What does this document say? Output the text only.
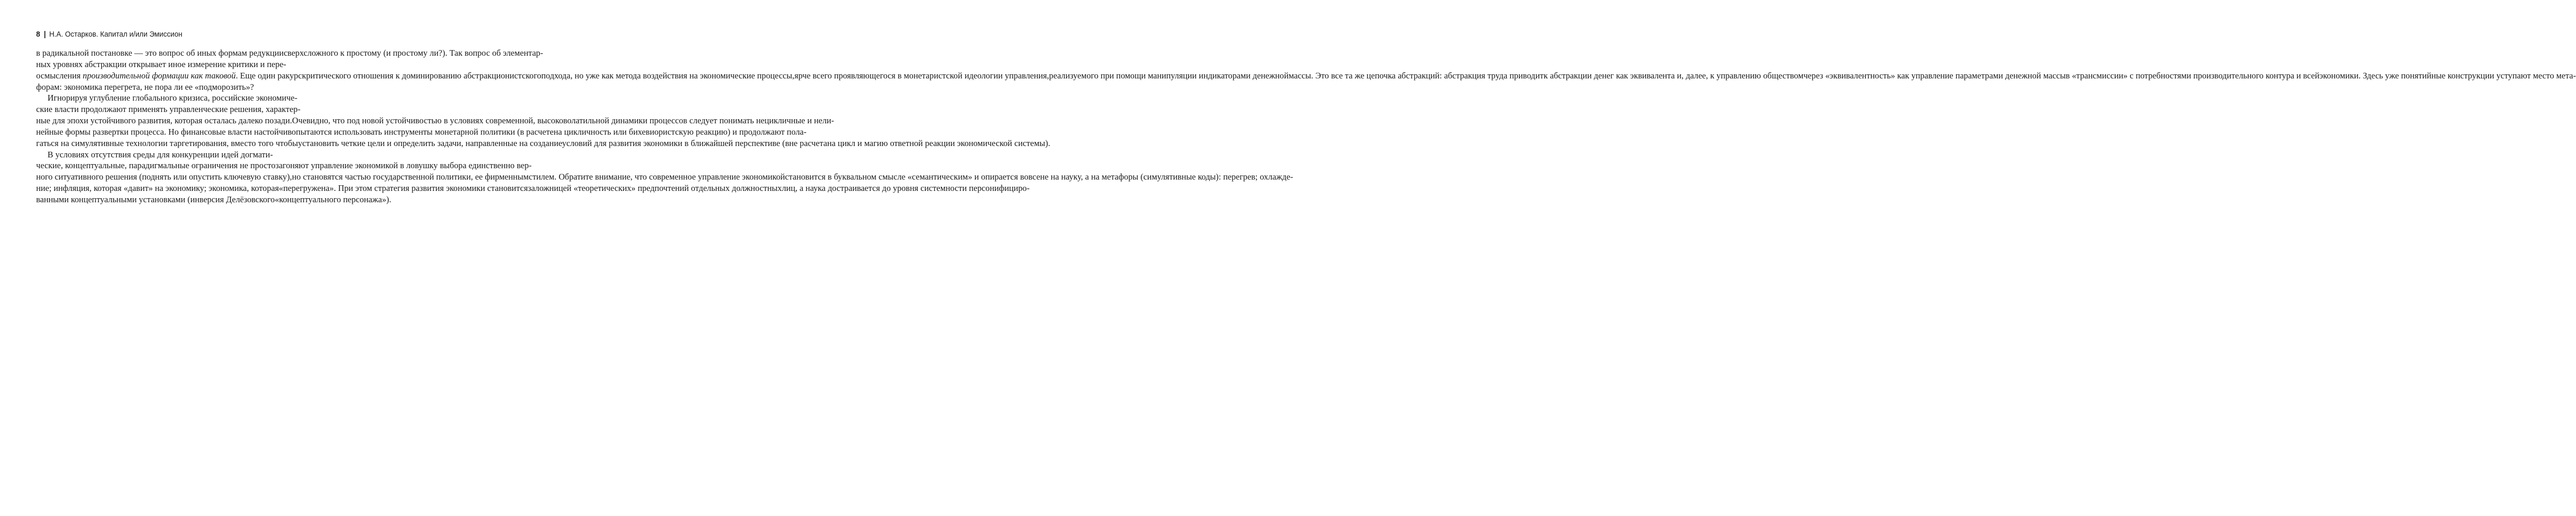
8 | Н.А. Остарков. Капитал и/или Эмиссион
в радикальной постановке — это вопрос об иных формам редукциисверхсложного к простому (и простому ли?). Так вопрос об элементар-ных уровнях абстракции открывает иное измерение критики и пере-осмысления производительной формации как таковой. Еще один ракурскритического отношения к доминированию абстракционистскогоподхода, но уже как метода воздействия на экономические процессы,ярче всего проявляющегося в монетаристской идеологии управления,реализуемого при помощи манипуляции индикаторами денежноймассы. Это все та же цепочка абстракций: абстракция труда приводитк абстракции денег как эквивалента и, далее, к управлению обществомчерез «эквивалентность» как управление параметрами денежной массыв «трансмиссии» с потребностями производительного контура и всейэкономики. Здесь уже понятийные конструкции уступают место мета-форам: экономика перегрета, не пора ли ее «подморозить»?
Игнорируя углубление глобального кризиса, российские экономиче-ские власти продолжают применять управленческие решения, характер-ные для эпохи устойчивого развития, которая осталась далеко позади.Очевидно, что под новой устойчивостью в условиях современной, высоковолатильной динамики процессов следует понимать нецикличные и нели-нейные формы развертки процесса. Но финансовые власти настойчивопытаются использовать инструменты монетарной политики (в расчетена цикличность или бихевиористскую реакцию) и продолжают пола-гаться на симулятивные технологии таргетирования, вместо того чтобыустановить четкие цели и определить задачи, направленные на созданиеусловий для развития экономики в ближайшей перспективе (вне расчетана цикл и магию ответной реакции экономической системы).
В условиях отсутствия среды для конкуренции идей догмати-ческие, концептуальные, парадигмальные ограничения не простозагоняют управление экономикой в ловушку выбора единственно вер-ного ситуативного решения (поднять или опустить ключевую ставку),но становятся частью государственной политики, ее фирменнымстилем. Обратите внимание, что современное управление экономикойстановится в буквальном смысле «семантическим» и опирается вовсене на науку, а на метафоры (симулятивные коды): перегрев; охлажде-ние; инфляция, которая «давит» на экономику; экономика, которая«перегружена». При этом стратегия развития экономики становитсязаложницей «теоретических» предпочтений отдельных должностныхлиц, а наука достраивается до уровня системности персонифициро-ванными концептуальными установками (инверсия Делёзовского«концептуального персонажа»).
